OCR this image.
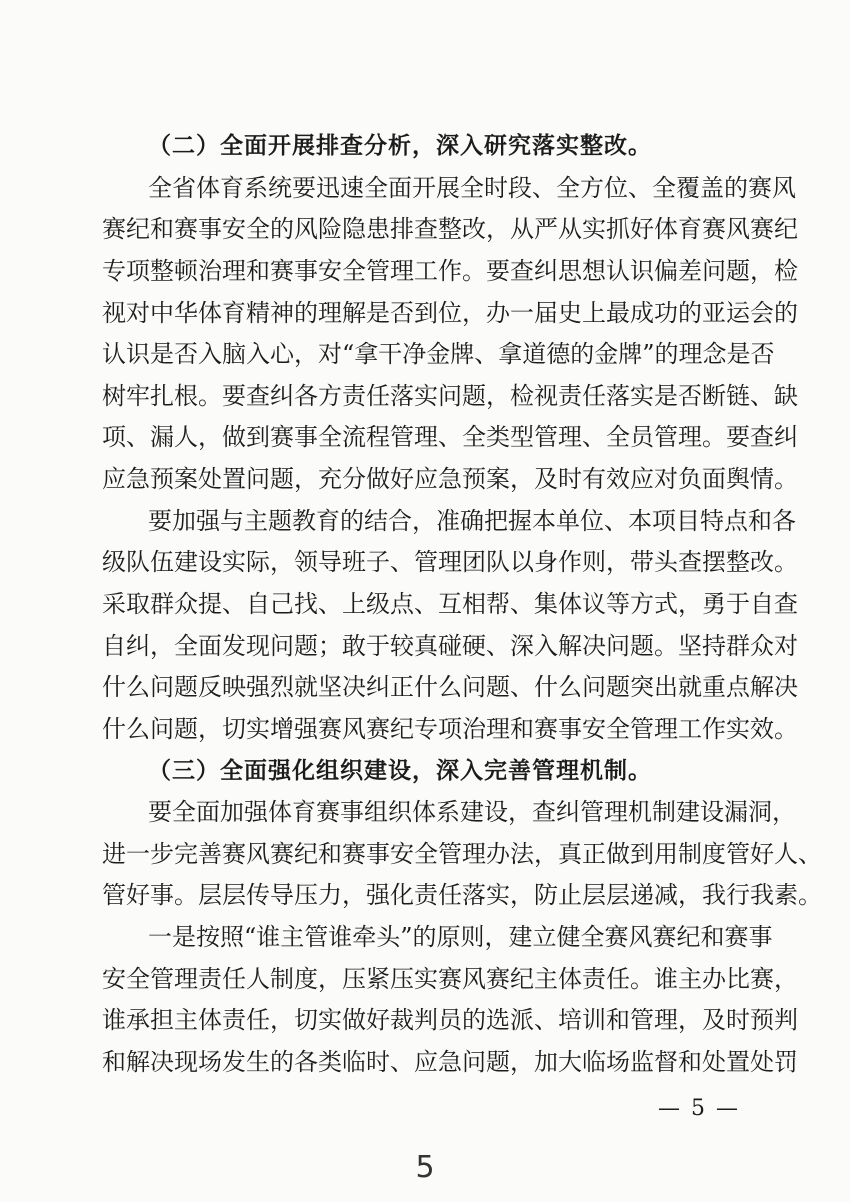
（二）全面开展排查分析，深入研究落实整改。
全省体育系统要迅速全面开展全时段、全方位、全覆盖的赛风
赛纪和赛事安全的风险隐患排查整改，从严从实抓好体育赛风赛纪
专项整顿治理和赛事安全管理工作。要查纠思想认识偏差问题，检
视对中华体育精神的理解是否到位，办一届史上最成功的亚运会的
认识是否入脑入心，对“拿干净金牌、拿道德的金牌”的理念是否
树牢扎根。要查纠各方责任落实问题，检视责任落实是否断链、缺
项、漏人，做到赛事全流程管理、全类型管理、全员管理。要查纠
应急预案处置问题，充分做好应急预案，及时有效应对负面舆情。
要加强与主题教育的结合，准确把握本单位、本项目特点和各
级队伍建设实际，领导班子、管理团队以身作则，带头查摆整改。
采取群众提、自己找、上级点、互相帮、集体议等方式，勇于自查
自纠，全面发现问题；敢于较真碰硬、深入解决问题。坚持群众对
什么问题反映强烈就坚决纠正什么问题、什么问题突出就重点解决
什么问题，切实增强赛风赛纪专项治理和赛事安全管理工作实效。
（三）全面强化组织建设，深入完善管理机制。
要全面加强体育赛事组织体系建设，查纠管理机制建设漏洞，
进一步完善赛风赛纪和赛事安全管理办法，真正做到用制度管好人、
管好事。层层传导压力，强化责任落实，防止层层递减，我行我素。
一是按照“谁主管谁牵头”的原则，建立健全赛风赛纪和赛事
安全管理责任人制度，压紧压实赛风赛纪主体责任。谁主办比赛，
谁承担主体责任，切实做好裁判员的选派、培训和管理，及时预判
和解决现场发生的各类临时、应急问题，加大临场监督和处置处罚
— 5 —
5
